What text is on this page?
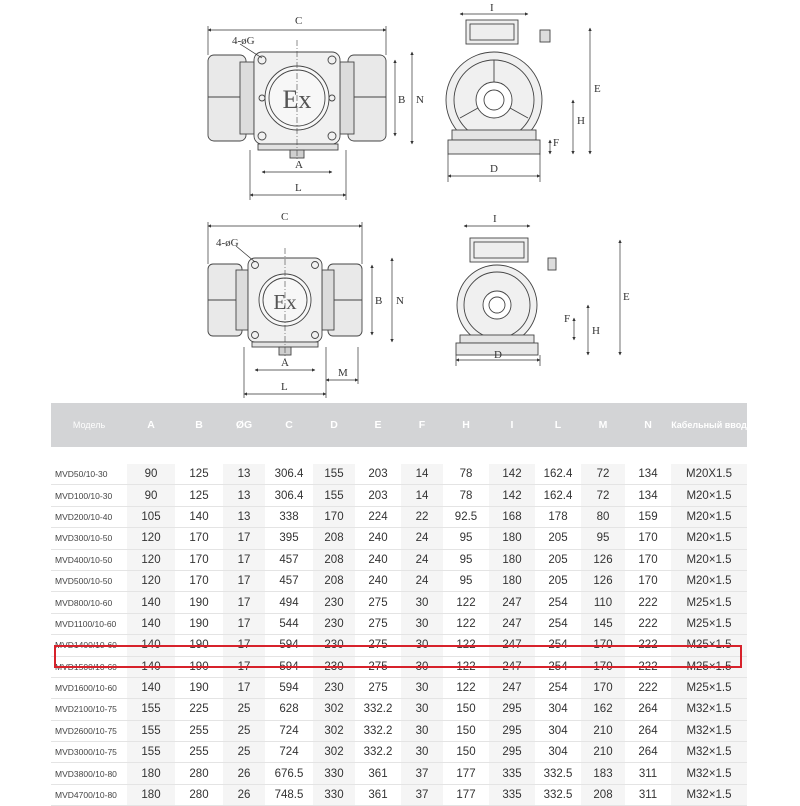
Ex
C
4-øG
B N
A
L
I
E
H
F
D
Ex
C
4-øG
B N
A
L
M
I
E
F
H
D
Модель	A	B	ØG	C	D	E	F	H	I	L	M	N	Кабельный ввод

MVD50/10-30	90	125	13	306.4	155	203	14	78	142	162.4	72	134	M20X1.5
MVD100/10-30	90	125	13	306.4	155	203	14	78	142	162.4	72	134	M20×1.5
MVD200/10-40	105	140	13	338	170	224	22	92.5	168	178	80	159	M20×1.5
MVD300/10-50	120	170	17	395	208	240	24	95	180	205	95	170	M20×1.5
MVD400/10-50	120	170	17	457	208	240	24	95	180	205	126	170	M20×1.5
MVD500/10-50	120	170	17	457	208	240	24	95	180	205	126	170	M20×1.5
MVD800/10-60	140	190	17	494	230	275	30	122	247	254	110	222	M25×1.5
MVD1100/10-60	140	190	17	544	230	275	30	122	247	254	145	222	M25×1.5
MVD1400/10-60	140	190	17	594	230	275	30	122	247	254	170	222	M25×1.5
MVD1500/10-60	140	190	17	594	230	275	30	122	247	254	170	222	M25×1.5
MVD1600/10-60	140	190	17	594	230	275	30	122	247	254	170	222	M25×1.5
MVD2100/10-75	155	225	25	628	302	332.2	30	150	295	304	162	264	M32×1.5
MVD2600/10-75	155	255	25	724	302	332.2	30	150	295	304	210	264	M32×1.5
MVD3000/10-75	155	255	25	724	302	332.2	30	150	295	304	210	264	M32×1.5
MVD3800/10-80	180	280	26	676.5	330	361	37	177	335	332.5	183	311	M32×1.5
MVD4700/10-80	180	280	26	748.5	330	361	37	177	335	332.5	208	311	M32×1.5
